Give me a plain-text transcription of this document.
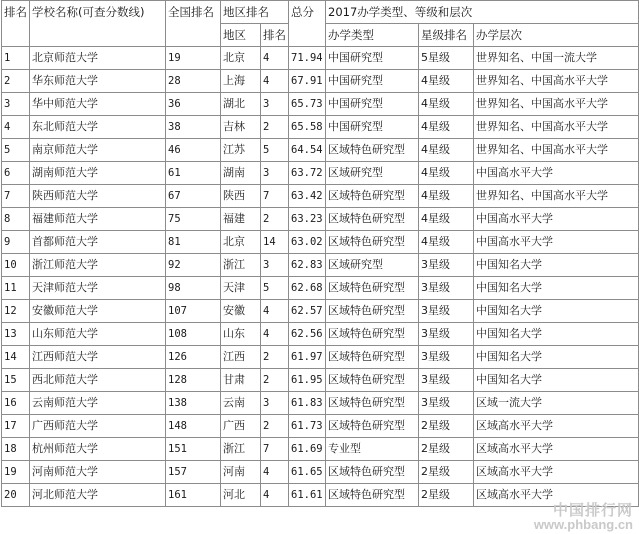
排名	学校名称(可查分数线)	全国排名	地区排名		总分	2017办学类型、等级和层次		
			地区	排名		办学类型	星级排名	办学层次
1	北京师范大学	19	北京	4	71.94	中国研究型	5星级	世界知名、中国一流大学
2	华东师范大学	28	上海	4	67.91	中国研究型	4星级	世界知名、中国高水平大学
3	华中师范大学	36	湖北	3	65.73	中国研究型	4星级	世界知名、中国高水平大学
4	东北师范大学	38	吉林	2	65.58	中国研究型	4星级	世界知名、中国高水平大学
5	南京师范大学	46	江苏	5	64.54	区域特色研究型	4星级	世界知名、中国高水平大学
6	湖南师范大学	61	湖南	3	63.72	区域研究型	4星级	中国高水平大学
7	陕西师范大学	67	陕西	7	63.42	区域特色研究型	4星级	世界知名、中国高水平大学
8	福建师范大学	75	福建	2	63.23	区域特色研究型	4星级	中国高水平大学
9	首都师范大学	81	北京	14	63.02	区域特色研究型	4星级	中国高水平大学
10	浙江师范大学	92	浙江	3	62.83	区域研究型	3星级	中国知名大学
11	天津师范大学	98	天津	5	62.68	区域特色研究型	3星级	中国知名大学
12	安徽师范大学	107	安徽	4	62.57	区域特色研究型	3星级	中国知名大学
13	山东师范大学	108	山东	4	62.56	区域特色研究型	3星级	中国知名大学
14	江西师范大学	126	江西	2	61.97	区域特色研究型	3星级	中国知名大学
15	西北师范大学	128	甘肃	2	61.95	区域特色研究型	3星级	中国知名大学
16	云南师范大学	138	云南	3	61.83	区域特色研究型	3星级	区域一流大学
17	广西师范大学	148	广西	2	61.73	区域特色研究型	2星级	区域高水平大学
18	杭州师范大学	151	浙江	7	61.69	专业型	2星级	区域高水平大学
19	河南师范大学	157	河南	4	61.65	区域特色研究型	2星级	区域高水平大学
20	河北师范大学	161	河北	4	61.61	区域特色研究型	2星级	区域高水平大学
中国排行网
www.phbang.cn
